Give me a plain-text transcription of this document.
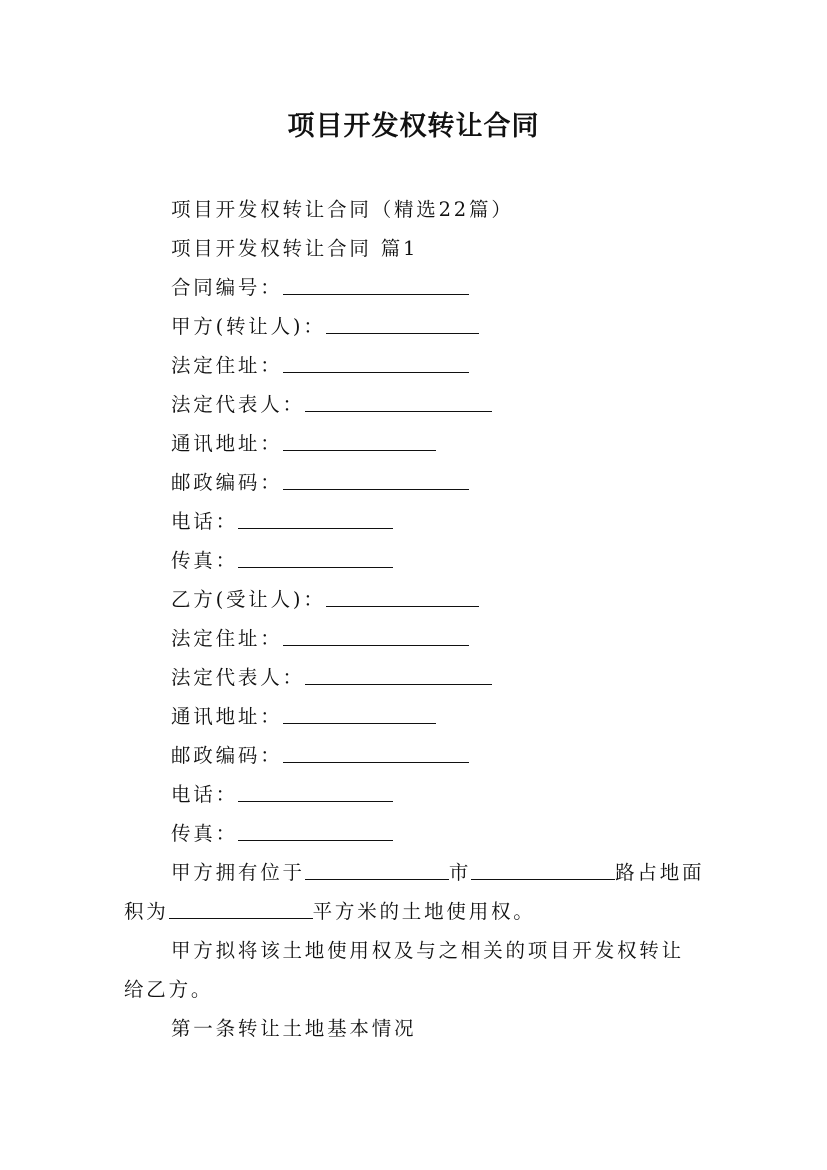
项目开发权转让合同
项目开发权转让合同（精选22篇）
项目开发权转让合同 篇1
合同编号：
甲方(转让人)：
法定住址：
法定代表人：
通讯地址：
邮政编码：
电话：
传真：
乙方(受让人)：
法定住址：
法定代表人：
通讯地址：
邮政编码：
电话：
传真：
甲方拥有位于	市	路占地面
积为	平方米的土地使用权。
甲方拟将该土地使用权及与之相关的项目开发权转让
给乙方。
第一条转让土地基本情况
